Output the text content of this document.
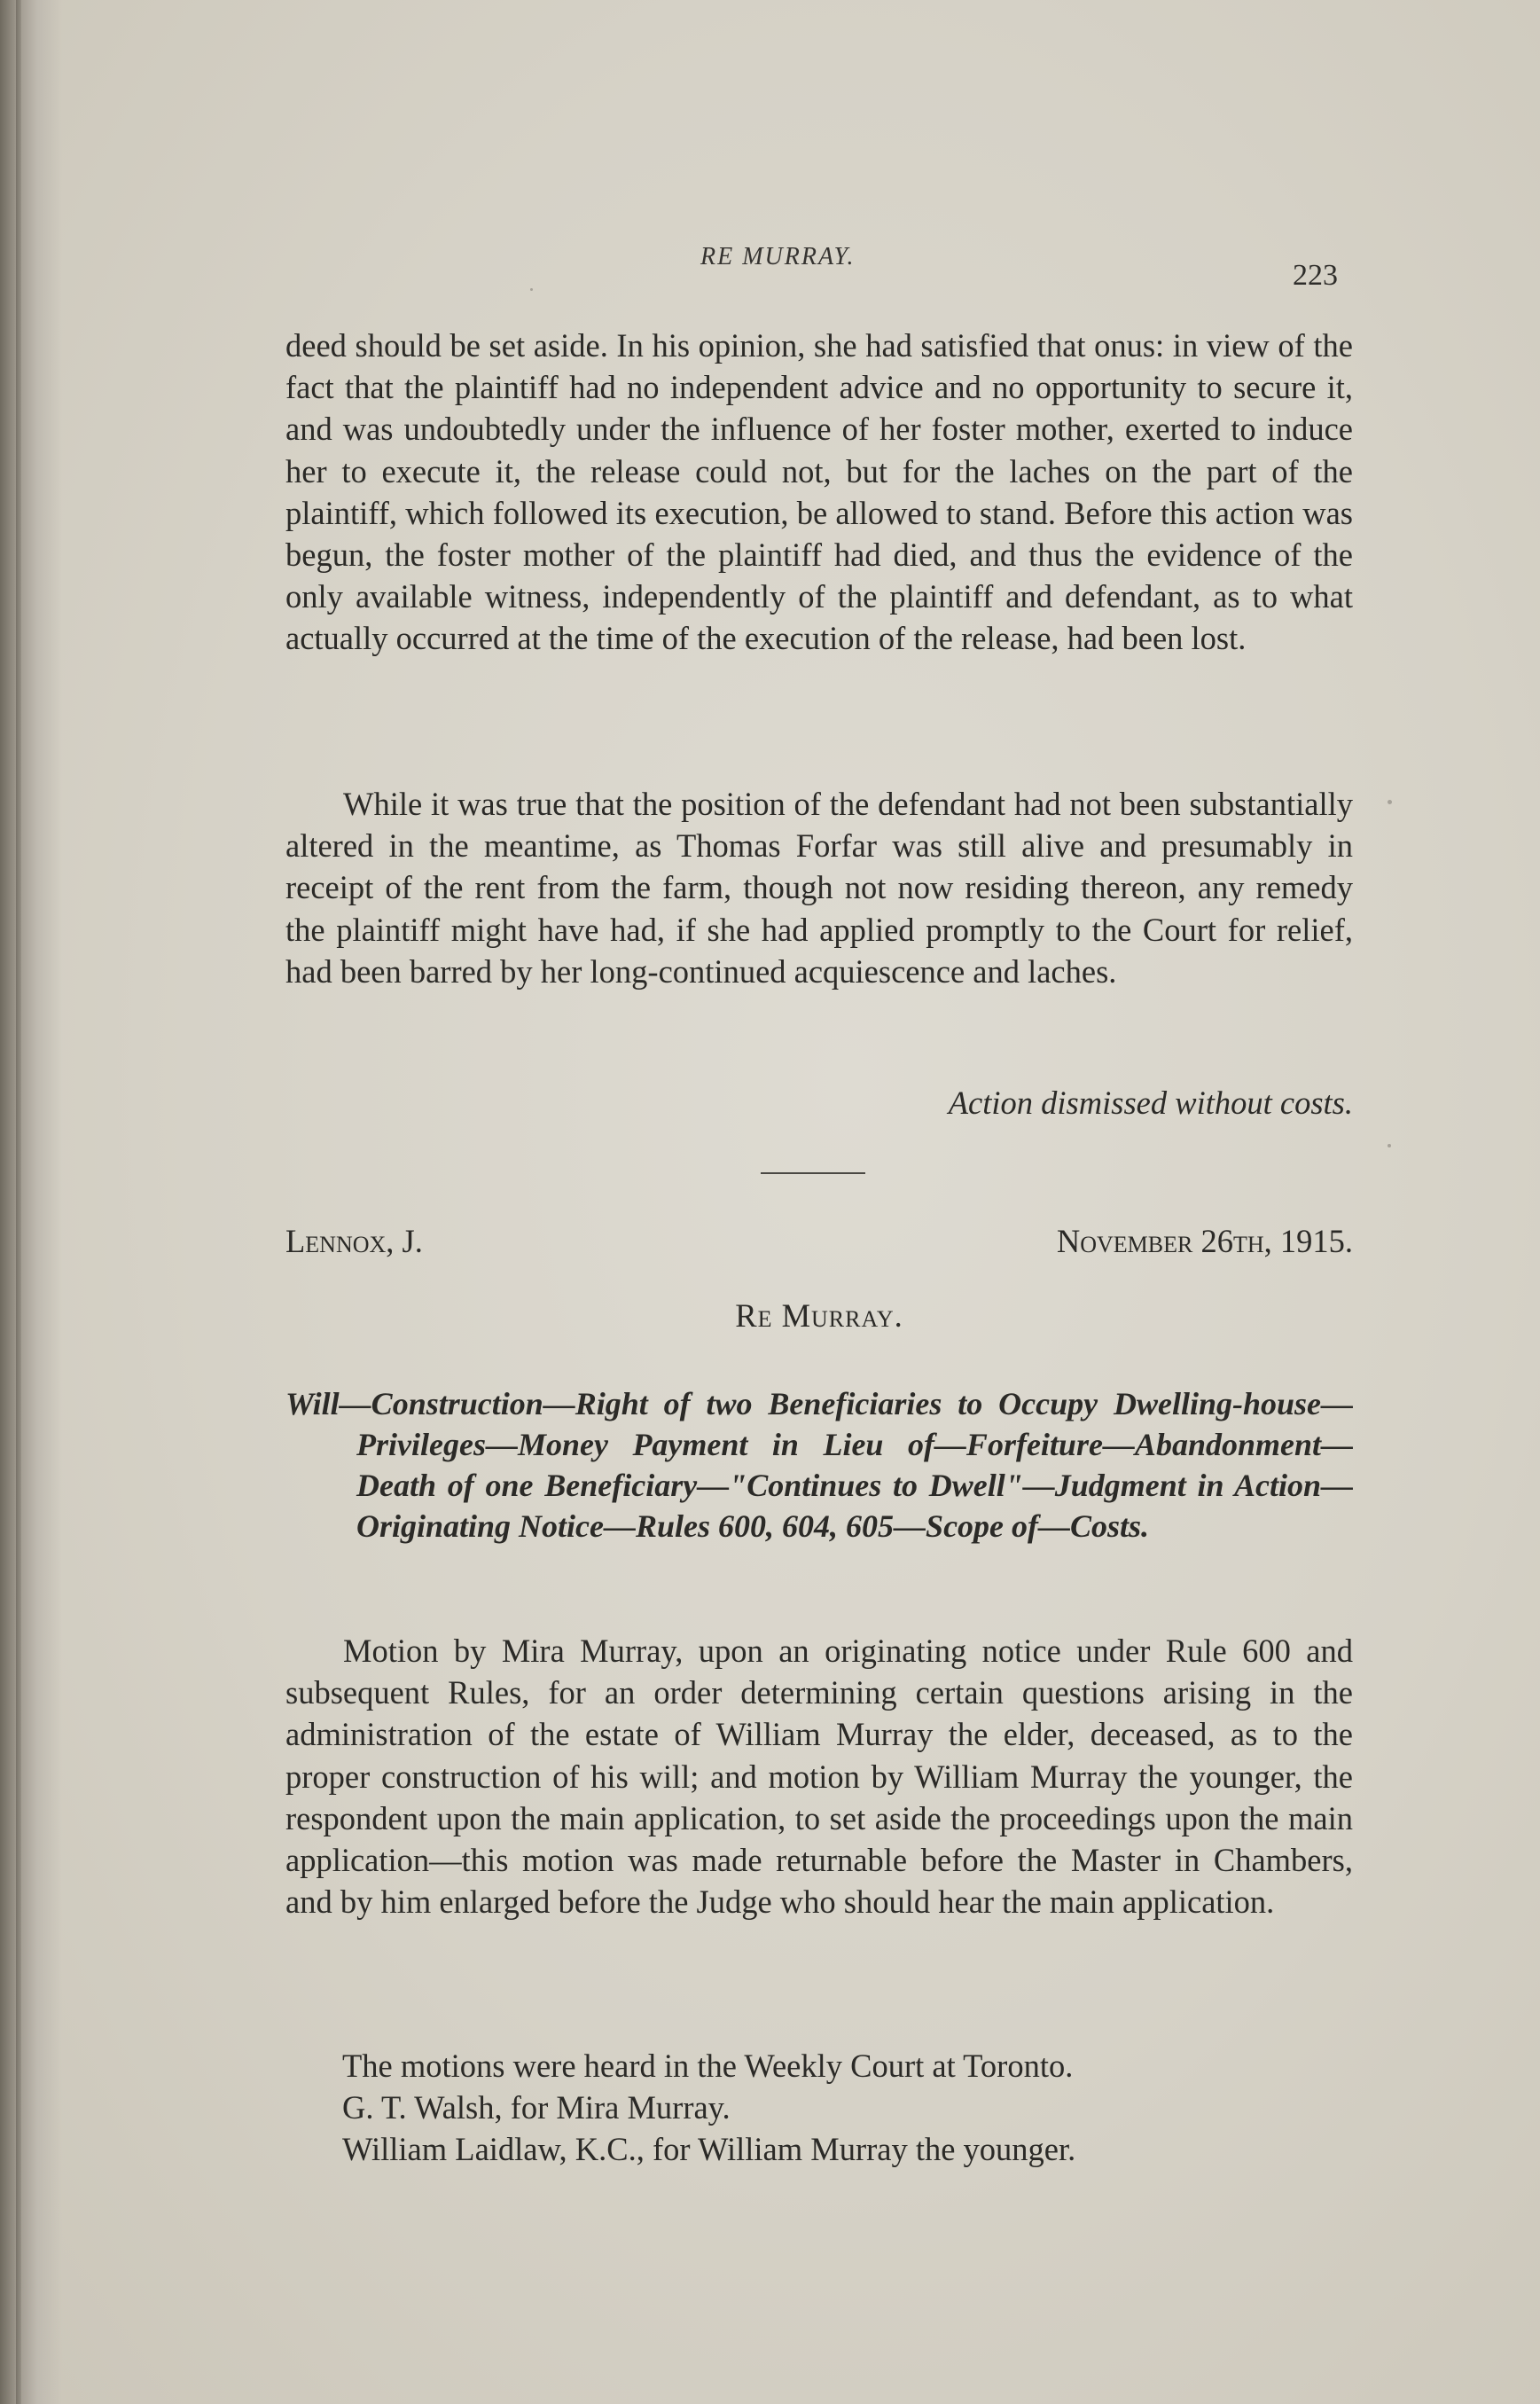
RE MURRAY.
223
deed should be set aside. In his opinion, she had satisfied that onus: in view of the fact that the plaintiff had no independent advice and no opportunity to secure it, and was undoubtedly under the influence of her foster mother, exerted to induce her to execute it, the release could not, but for the laches on the part of the plaintiff, which followed its execution, be allowed to stand. Before this action was begun, the foster mother of the plaintiff had died, and thus the evidence of the only available witness, independently of the plaintiff and defendant, as to what actually occurred at the time of the execution of the release, had been lost.
While it was true that the position of the defendant had not been substantially altered in the meantime, as Thomas Forfar was still alive and presumably in receipt of the rent from the farm, though not now residing thereon, any remedy the plaintiff might have had, if she had applied promptly to the Court for relief, had been barred by her long-continued acquiescence and laches.
Action dismissed without costs.
Lennox, J.	November 26th, 1915.
Re Murray.
Will—Construction—Right of two Beneficiaries to Occupy Dwelling-house—Privileges—Money Payment in Lieu of—Forfeiture—Abandonment—Death of one Beneficiary—"Continues to Dwell"—Judgment in Action—Originating Notice—Rules 600, 604, 605—Scope of—Costs.
Motion by Mira Murray, upon an originating notice under Rule 600 and subsequent Rules, for an order determining certain questions arising in the administration of the estate of William Murray the elder, deceased, as to the proper construction of his will; and motion by William Murray the younger, the respondent upon the main application, to set aside the proceedings upon the main application—this motion was made returnable before the Master in Chambers, and by him enlarged before the Judge who should hear the main application.
The motions were heard in the Weekly Court at Toronto.
G. T. Walsh, for Mira Murray.
William Laidlaw, K.C., for William Murray the younger.
